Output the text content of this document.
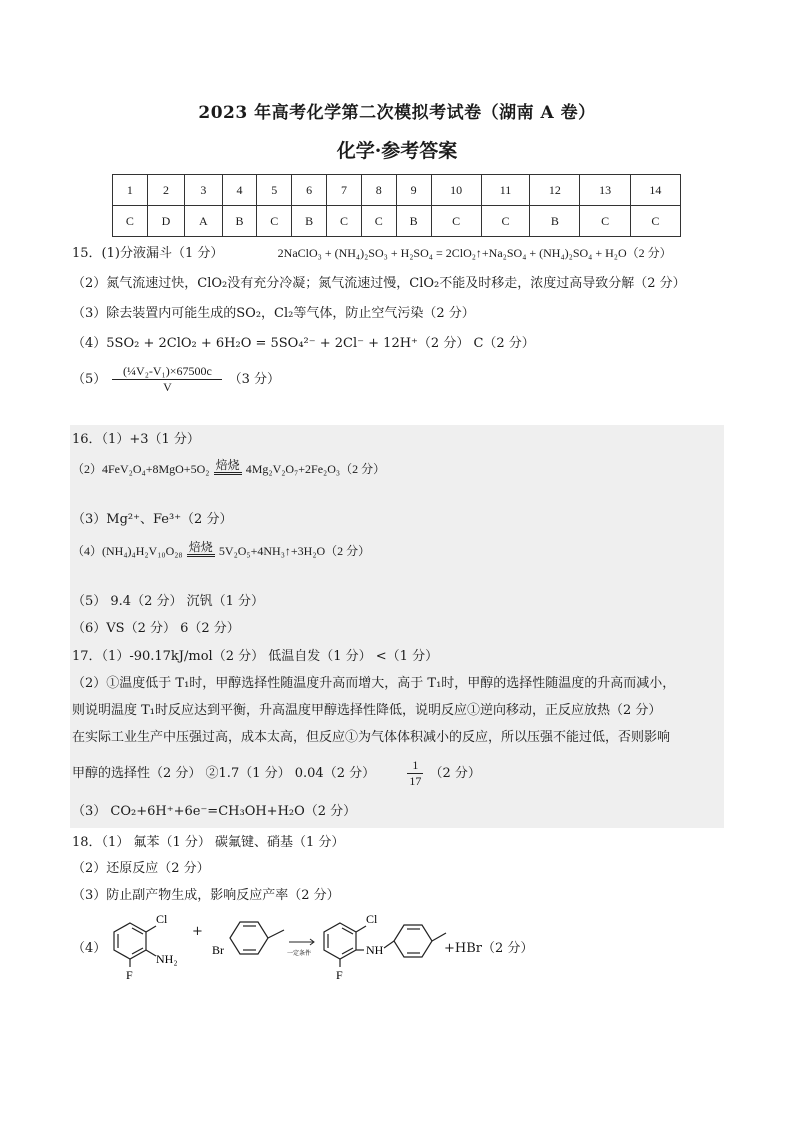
2023 年高考化学第二次模拟考试卷（湖南 A 卷）
化学·参考答案
1	2	3	4	5	6	7	8	9	10	11	12	13	14
C	D	A	B	C	B	C	C	B	C	C	B	C	C
15．(1)分液漏斗（1 分）	2NaClO₃ + (NH₄)₂SO₃ + H₂SO₄ = 2ClO₂↑+Na₂SO₄ + (NH₄)₂SO₄ + H₂O（2 分）
（2）氮气流速过快，ClO₂没有充分冷凝；氮气流速过慢，ClO₂不能及时移走，浓度过高导致分解（2 分）
（3）除去装置内可能生成的SO₂，Cl₂等气体，防止空气污染（2 分）
（4）5SO₂ + 2ClO₂ + 6H₂O = 5SO₄²⁻ + 2Cl⁻ + 12H⁺（2 分） C（2 分）
$(5) \frac{\text{(¼V₂-V₁)×67500c}}{V} (3$ 分）
16．（1）+3（1 分）
（2）4FeV₂O₄+8MgO+5O₂ 焙烧 4Mg₂V₂O₇+2Fe₂O₃（2 分）
（3）Mg²⁺、Fe³⁺（2 分）
（4）(NH₄)₄H₂V₁₀O₂₈ 焙烧 5V₂O₅+4NH₃↑+3H₂O（2 分）
（5） 9.4（2 分） 沉钒（1 分）
（6）VS（2 分） 6（2 分）
17．（1）-90.17kJ/mol（2 分） 低温自发（1 分） <（1 分）
（2）①温度低于 T₁时，甲醇选择性随温度升高而增大，高于 T₁时，甲醇的选择性随温度的升高而减小，
则说明温度 T₁时反应达到平衡，升高温度甲醇选择性降低，说明反应①逆向移动，正反应放热（2 分）
在实际工业生产中压强过高，成本太高，但反应①为气体体积减小的反应，所以压强不能过低，否则影响
甲醇的选择性（2 分） ②1.7（1 分） 0.04（2 分）	$\frac{1}{17} (2$ 分）
（3） CO₂+6H⁺+6e⁻=CH₃OH+H₂O（2 分）
18．（1） 氟苯（1 分） 碳氟键、硝基（1 分）
（2）还原反应（2 分）
（3）防止副产物生成，影响反应产率（2 分）
（4）
Cl
NH₂
F
+
Br	一定条件
Cl
NH
F
+HBr（2 分）
